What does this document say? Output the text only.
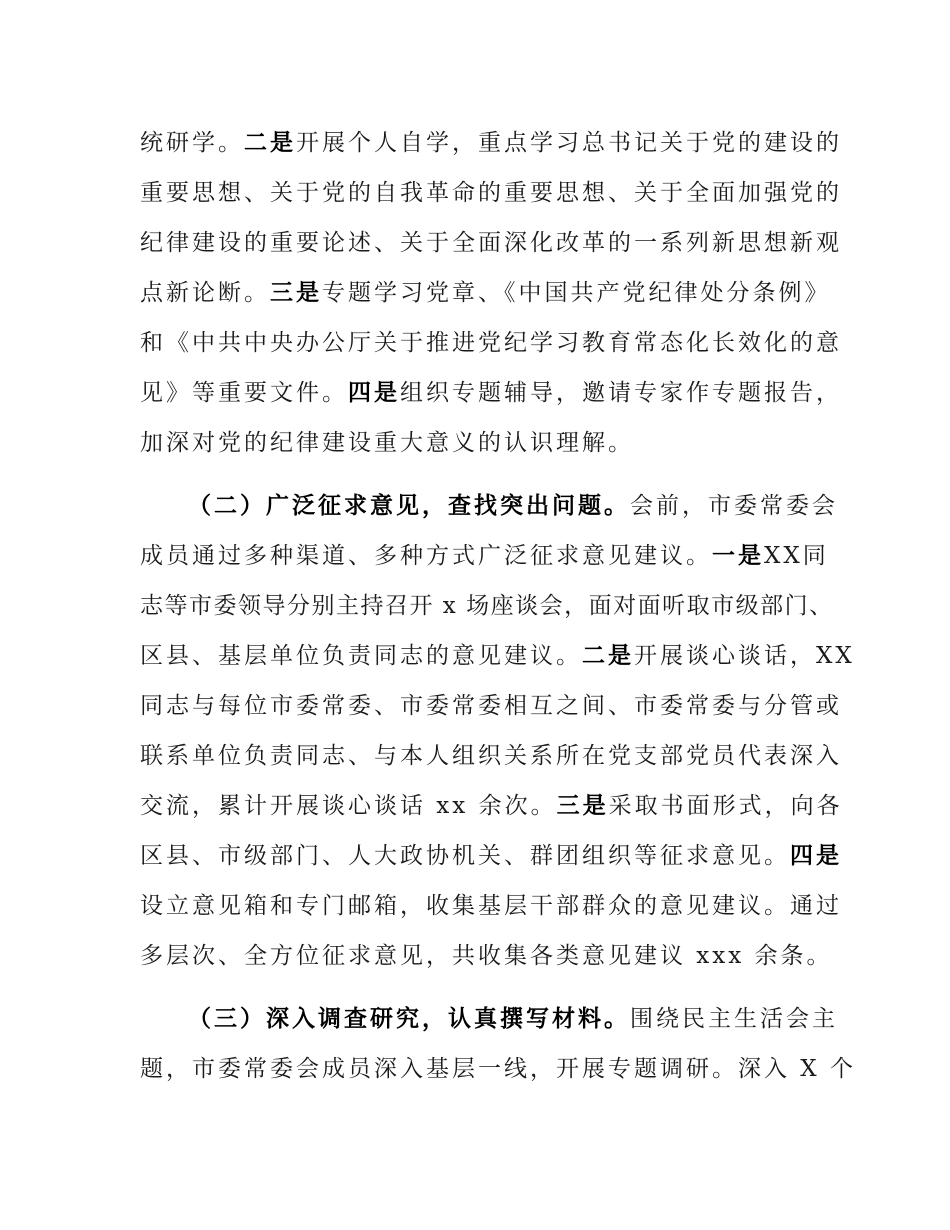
统研学。二是开展个人自学，重点学习总书记关于党的建设的
重要思想、关于党的自我革命的重要思想、关于全面加强党的
纪律建设的重要论述、关于全面深化改革的一系列新思想新观
点新论断。三是专题学习党章、《中国共产党纪律处分条例》
和《中共中央办公厅关于推进党纪学习教育常态化长效化的意
见》等重要文件。四是组织专题辅导，邀请专家作专题报告，
加深对党的纪律建设重大意义的认识理解。
（二）广泛征求意见，查找突出问题。会前，市委常委会
成员通过多种渠道、多种方式广泛征求意见建议。一是XX同
志等市委领导分别主持召开 x 场座谈会，面对面听取市级部门、
区县、基层单位负责同志的意见建议。二是开展谈心谈话，XX
同志与每位市委常委、市委常委相互之间、市委常委与分管或
联系单位负责同志、与本人组织关系所在党支部党员代表深入
交流，累计开展谈心谈话 xx 余次。三是采取书面形式，向各
区县、市级部门、人大政协机关、群团组织等征求意见。四是
设立意见箱和专门邮箱，收集基层干部群众的意见建议。通过
多层次、全方位征求意见，共收集各类意见建议 xxx 余条。
（三）深入调查研究，认真撰写材料。围绕民主生活会主
题，市委常委会成员深入基层一线，开展专题调研。深入 X 个
